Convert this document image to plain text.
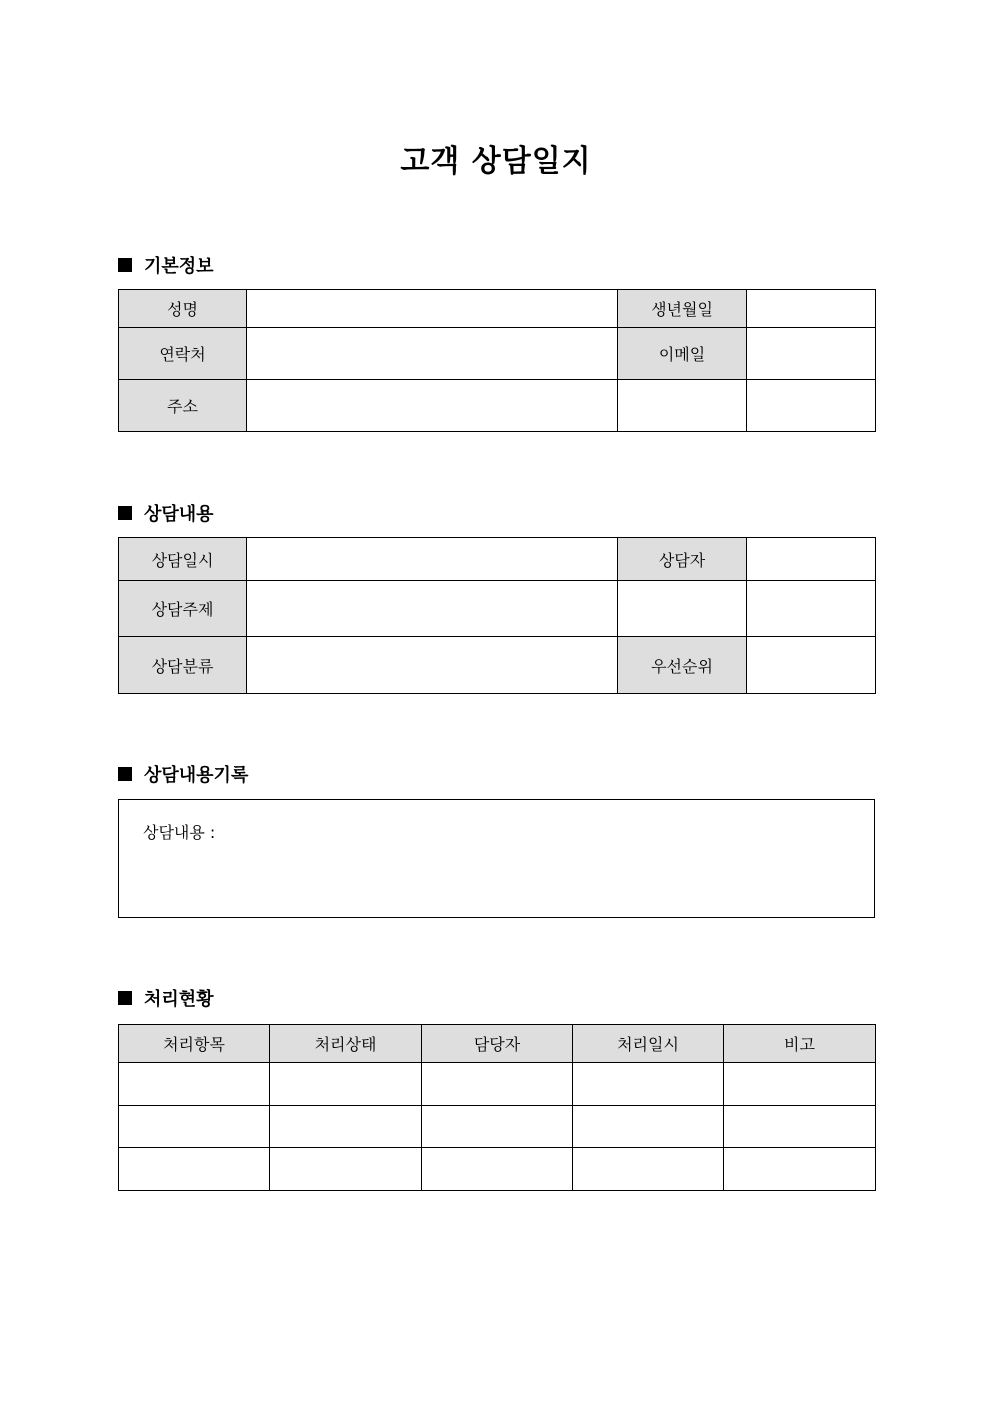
고객 상담일지
기본정보
성명		생년월일	
연락처		이메일	
주소			
상담내용
상담일시		상담자	
상담주제			
상담분류		우선순위	
상담내용기록
상담내용 :
처리현황
처리항목	처리상태	담당자	처리일시	비고
